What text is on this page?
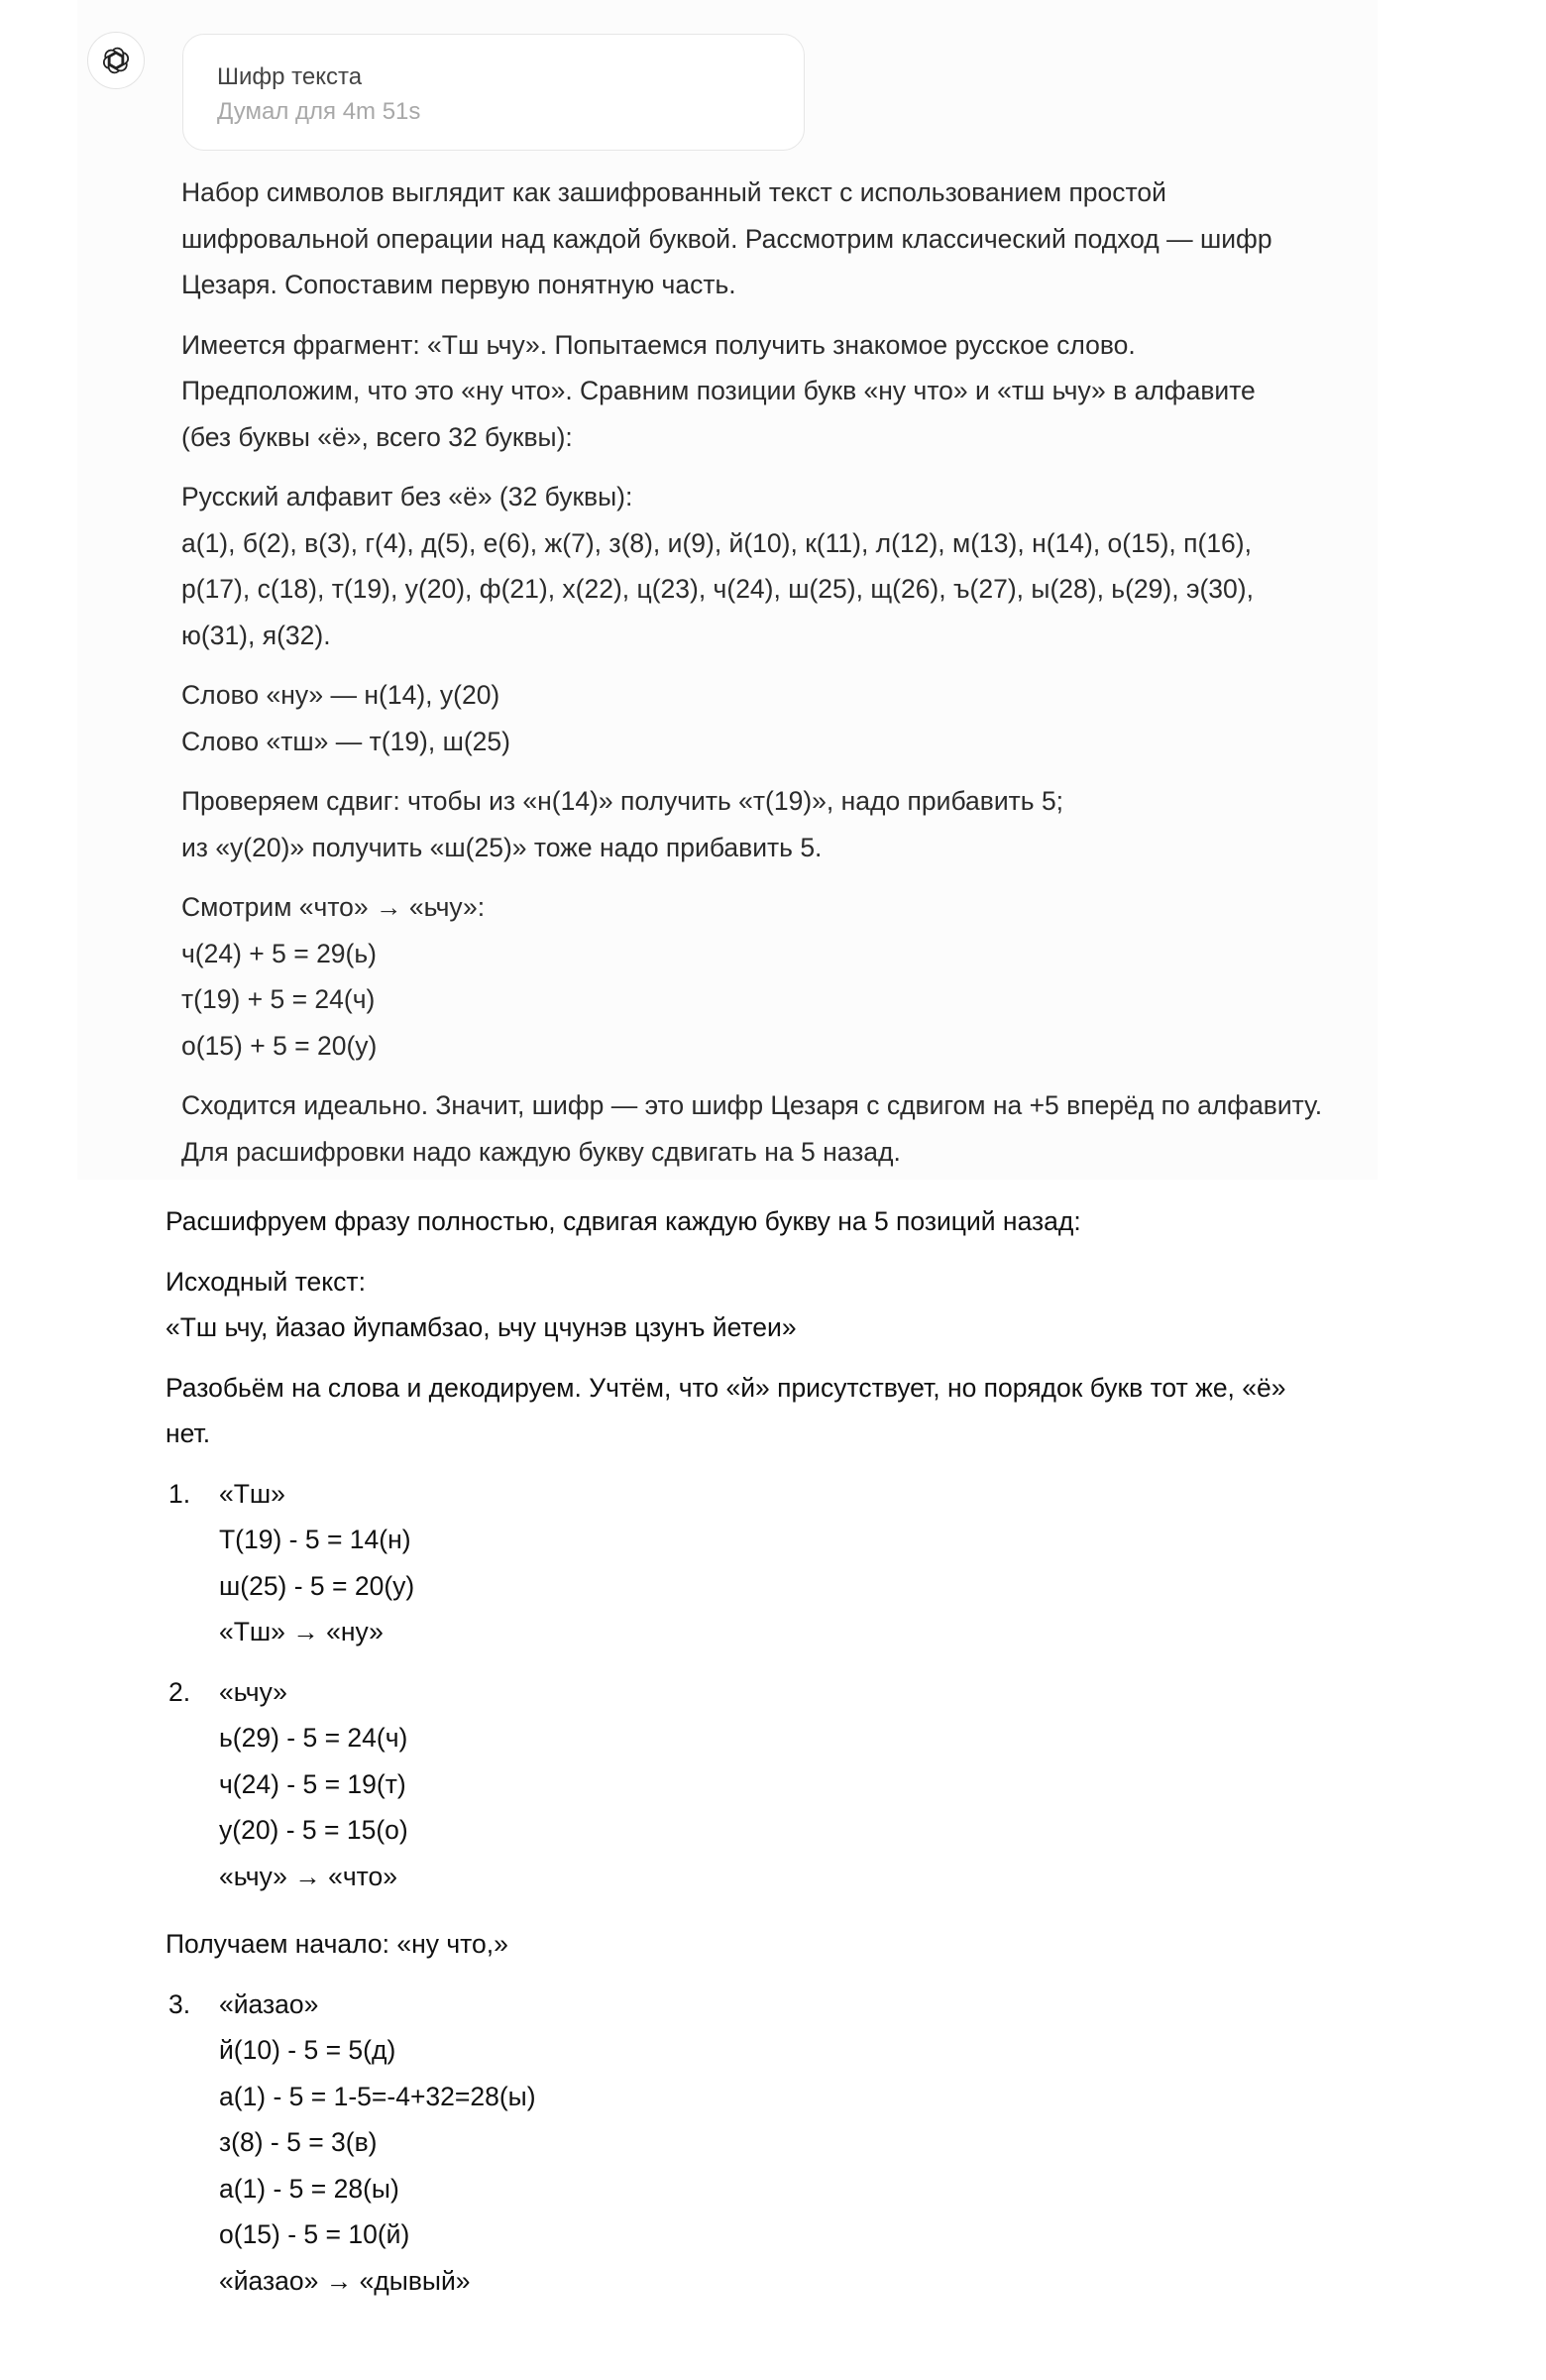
Шифр текста
Думал для 4m 51s

Набор символов выглядит как зашифрованный текст с использованием простой
шифровальной операции над каждой буквой. Рассмотрим классический подход — шифр
Цезаря. Сопоставим первую понятную часть.

Имеется фрагмент: «Тш ьчу». Попытаемся получить знакомое русское слово.
Предположим, что это «ну что». Сравним позиции букв «ну что» и «тш ьчу» в алфавите
(без буквы «ё», всего 32 буквы):

Русский алфавит без «ё» (32 буквы):
а(1), б(2), в(3), г(4), д(5), е(6), ж(7), з(8), и(9), й(10), к(11), л(12), м(13), н(14), о(15), п(16),
р(17), с(18), т(19), у(20), ф(21), х(22), ц(23), ч(24), ш(25), щ(26), ъ(27), ы(28), ь(29), э(30),
ю(31), я(32).

Слово «ну» — н(14), у(20)
Слово «тш» — т(19), ш(25)

Проверяем сдвиг: чтобы из «н(14)» получить «т(19)», надо прибавить 5;
из «у(20)» получить «ш(25)» тоже надо прибавить 5.

Смотрим «что» → «ьчу»:
ч(24) + 5 = 29(ь)
т(19) + 5 = 24(ч)
о(15) + 5 = 20(у)

Сходится идеально. Значит, шифр — это шифр Цезаря с сдвигом на +5 вперёд по алфавиту.
Для расшифровки надо каждую букву сдвигать на 5 назад.

Расшифруем фразу полностью, сдвигая каждую букву на 5 позиций назад:

Исходный текст:
«Тш ьчу, йазао йупамбзао, ьчу цчунэв цзунъ йетеи»

Разобьём на слова и декодируем. Учтём, что «й» присутствует, но порядок букв тот же, «ё»
нет.

1. «Тш»
Т(19) - 5 = 14(н)
ш(25) - 5 = 20(у)
«Тш» → «ну»
2. «ьчу»
ь(29) - 5 = 24(ч)
ч(24) - 5 = 19(т)
у(20) - 5 = 15(о)
«ьчу» → «что»

Получаем начало: «ну что,»

3. «йазао»
й(10) - 5 = 5(д)
а(1) - 5 = 1-5=-4+32=28(ы)
з(8) - 5 = 3(в)
а(1) - 5 = 28(ы)
о(15) - 5 = 10(й)
«йазао» → «дывый»
